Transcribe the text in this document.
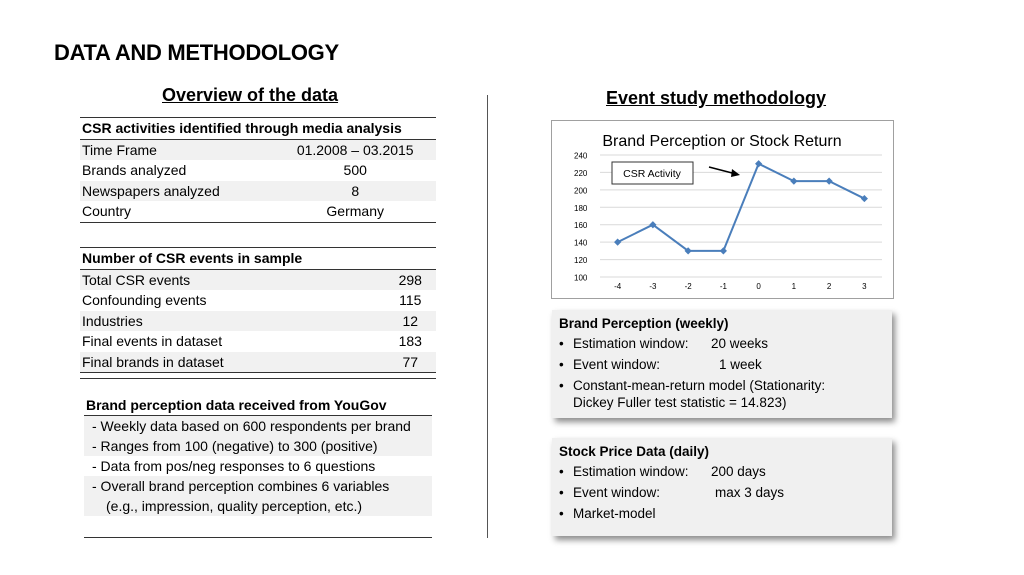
DATA AND METHODOLOGY
Overview of the data	Event study methodology
CSR activities identified through media analysis	
Time Frame	01.2008 – 03.2015
Brands analyzed	500
Newspapers analyzed	8
Country	Germany
Number of CSR events in sample	
Total CSR events	298
Confounding events	115
Industries	12
Final events in dataset	183
Final brands in dataset	77
Brand perception data received from YouGov
- Weekly data based on 600 respondents per brand
- Ranges from 100 (negative) to 300 (positive)
- Data from pos/neg responses to 6 questions
- Overall brand perception combines 6 variables
(e.g., impression, quality perception, etc.)
Brand Perception or Stock Return
100
120
140
160
180
200
220
240
-4	-3	-2	-1	0	1	2	3
CSR Activity
Brand Perception (weekly)
• Estimation window: 20 weeks
• Event window:	1 week
• Constant-mean-return model (Stationarity:
Dickey Fuller test statistic = 14.823)
Stock Price Data (daily)
• Estimation window: 200 days
• Event window:	max 3 days
• Market-model
